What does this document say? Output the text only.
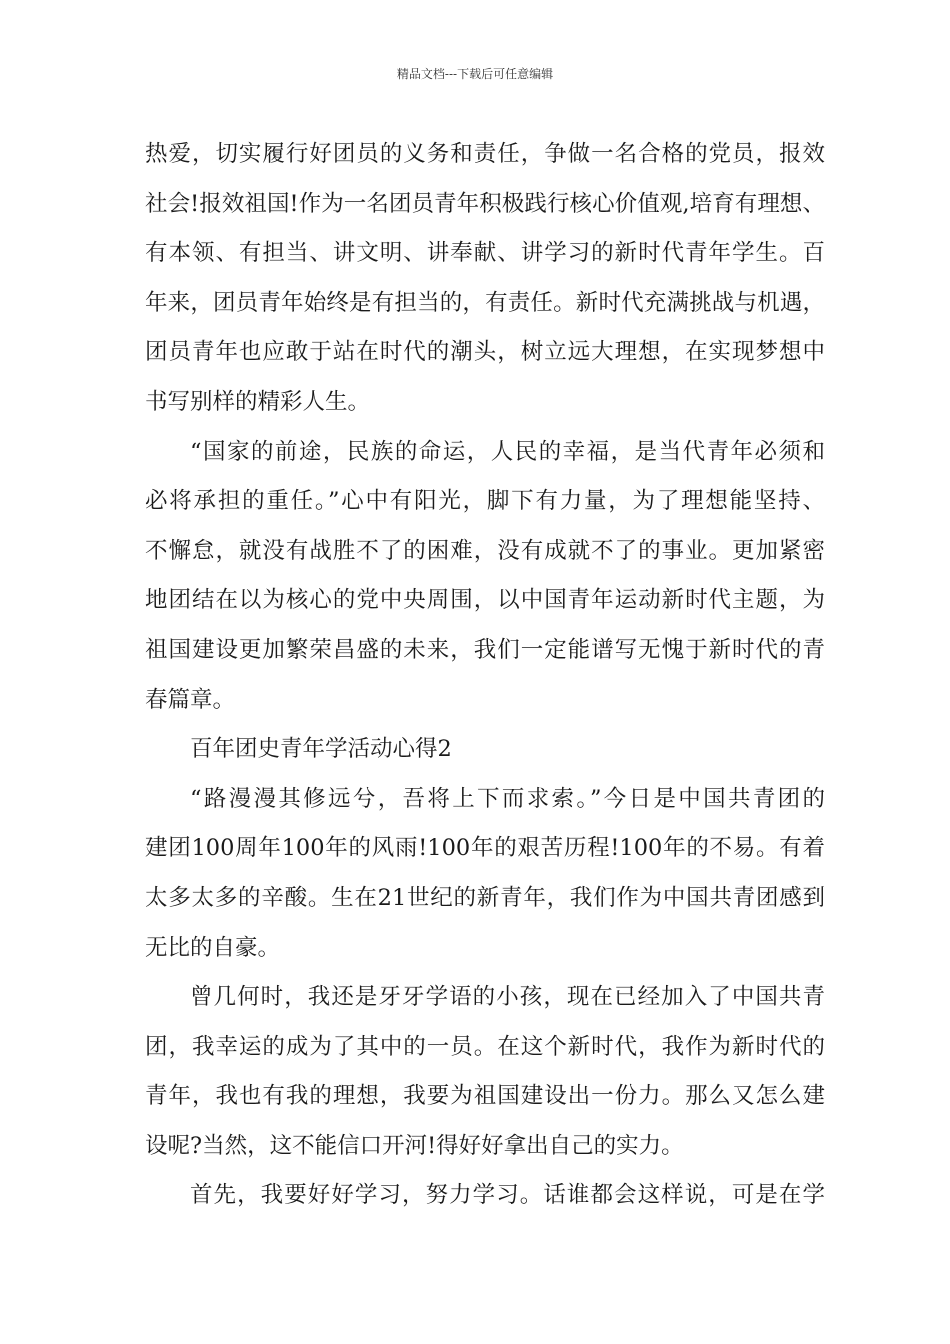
精品文档---下载后可任意编辑
热爱，切实履行好团员的义务和责任，争做一名合格的党员，报效
社会!报效祖国!作为一名团员青年积极践行核心价值观,培育有理想、
有本领、有担当、讲文明、讲奉献、讲学习的新时代青年学生。百
年来，团员青年始终是有担当的，有责任。新时代充满挑战与机遇，
团员青年也应敢于站在时代的潮头，树立远大理想，在实现梦想中
书写别样的精彩人生。
“国家的前途，民族的命运，人民的幸福，是当代青年必须和
必将承担的重任。”心中有阳光，脚下有力量，为了理想能坚持、
不懈怠，就没有战胜不了的困难，没有成就不了的事业。更加紧密
地团结在以为核心的党中央周围，以中国青年运动新时代主题，为
祖国建设更加繁荣昌盛的未来，我们一定能谱写无愧于新时代的青
春篇章。
百年团史青年学活动心得2
“路漫漫其修远兮，吾将上下而求索。”今日是中国共青团的
建团100周年100年的风雨!100年的艰苦历程!100年的不易。有着
太多太多的辛酸。生在21世纪的新青年，我们作为中国共青团感到
无比的自豪。
曾几何时，我还是牙牙学语的小孩，现在已经加入了中国共青
团，我幸运的成为了其中的一员。在这个新时代，我作为新时代的
青年，我也有我的理想，我要为祖国建设出一份力。那么又怎么建
设呢?当然，这不能信口开河!得好好拿出自己的实力。
首先，我要好好学习，努力学习。话谁都会这样说，可是在学
